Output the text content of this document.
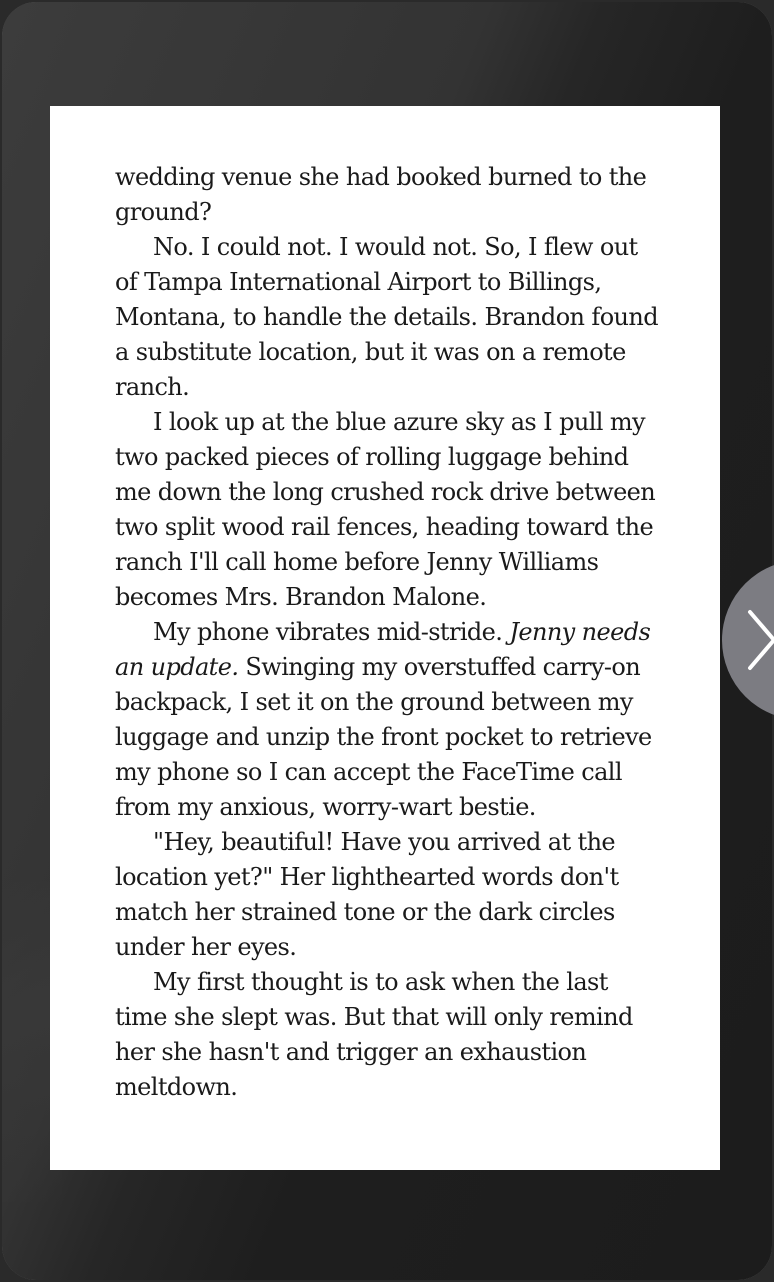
wedding venue she had booked burned to the ground?

No. I could not. I would not. So, I flew out of Tampa International Airport to Billings, Montana, to handle the details. Brandon found a substitute location, but it was on a remote ranch.

I look up at the blue azure sky as I pull my two packed pieces of rolling luggage behind me down the long crushed rock drive between two split wood rail fences, heading toward the ranch I'll call home before Jenny Williams becomes Mrs. Brandon Malone.

My phone vibrates mid-stride. Jenny needs an update. Swinging my overstuffed carry-on backpack, I set it on the ground between my luggage and unzip the front pocket to retrieve my phone so I can accept the FaceTime call from my anxious, worry-wart bestie.

"Hey, beautiful! Have you arrived at the location yet?" Her lighthearted words don't match her strained tone or the dark circles under her eyes.

My first thought is to ask when the last time she slept was. But that will only remind her she hasn't and trigger an exhaustion meltdown.
